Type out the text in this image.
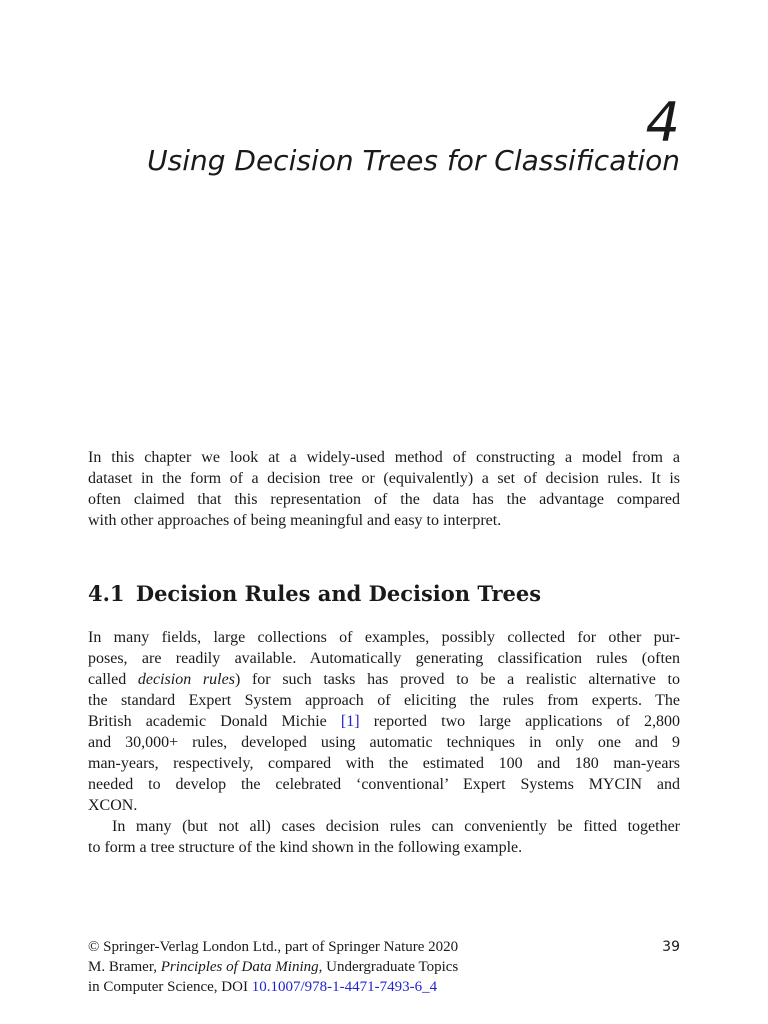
4
Using Decision Trees for Classification
In this chapter we look at a widely-used method of constructing a model from a
dataset in the form of a decision tree or (equivalently) a set of decision rules. It is
often claimed that this representation of the data has the advantage compared
with other approaches of being meaningful and easy to interpret.
4.1 Decision Rules and Decision Trees
In many fields, large collections of examples, possibly collected for other pur-
poses, are readily available. Automatically generating classification rules (often
called decision rules) for such tasks has proved to be a realistic alternative to
the standard Expert System approach of eliciting the rules from experts. The
British academic Donald Michie [1] reported two large applications of 2,800
and 30,000+ rules, developed using automatic techniques in only one and 9
man-years, respectively, compared with the estimated 100 and 180 man-years
needed to develop the celebrated ‘conventional’ Expert Systems MYCIN and
XCON.
In many (but not all) cases decision rules can conveniently be fitted together
to form a tree structure of the kind shown in the following example.
© Springer-Verlag London Ltd., part of Springer Nature 2020
M. Bramer, Principles of Data Mining, Undergraduate Topics
in Computer Science, DOI 10.1007/978-1-4471-7493-6_4
39
